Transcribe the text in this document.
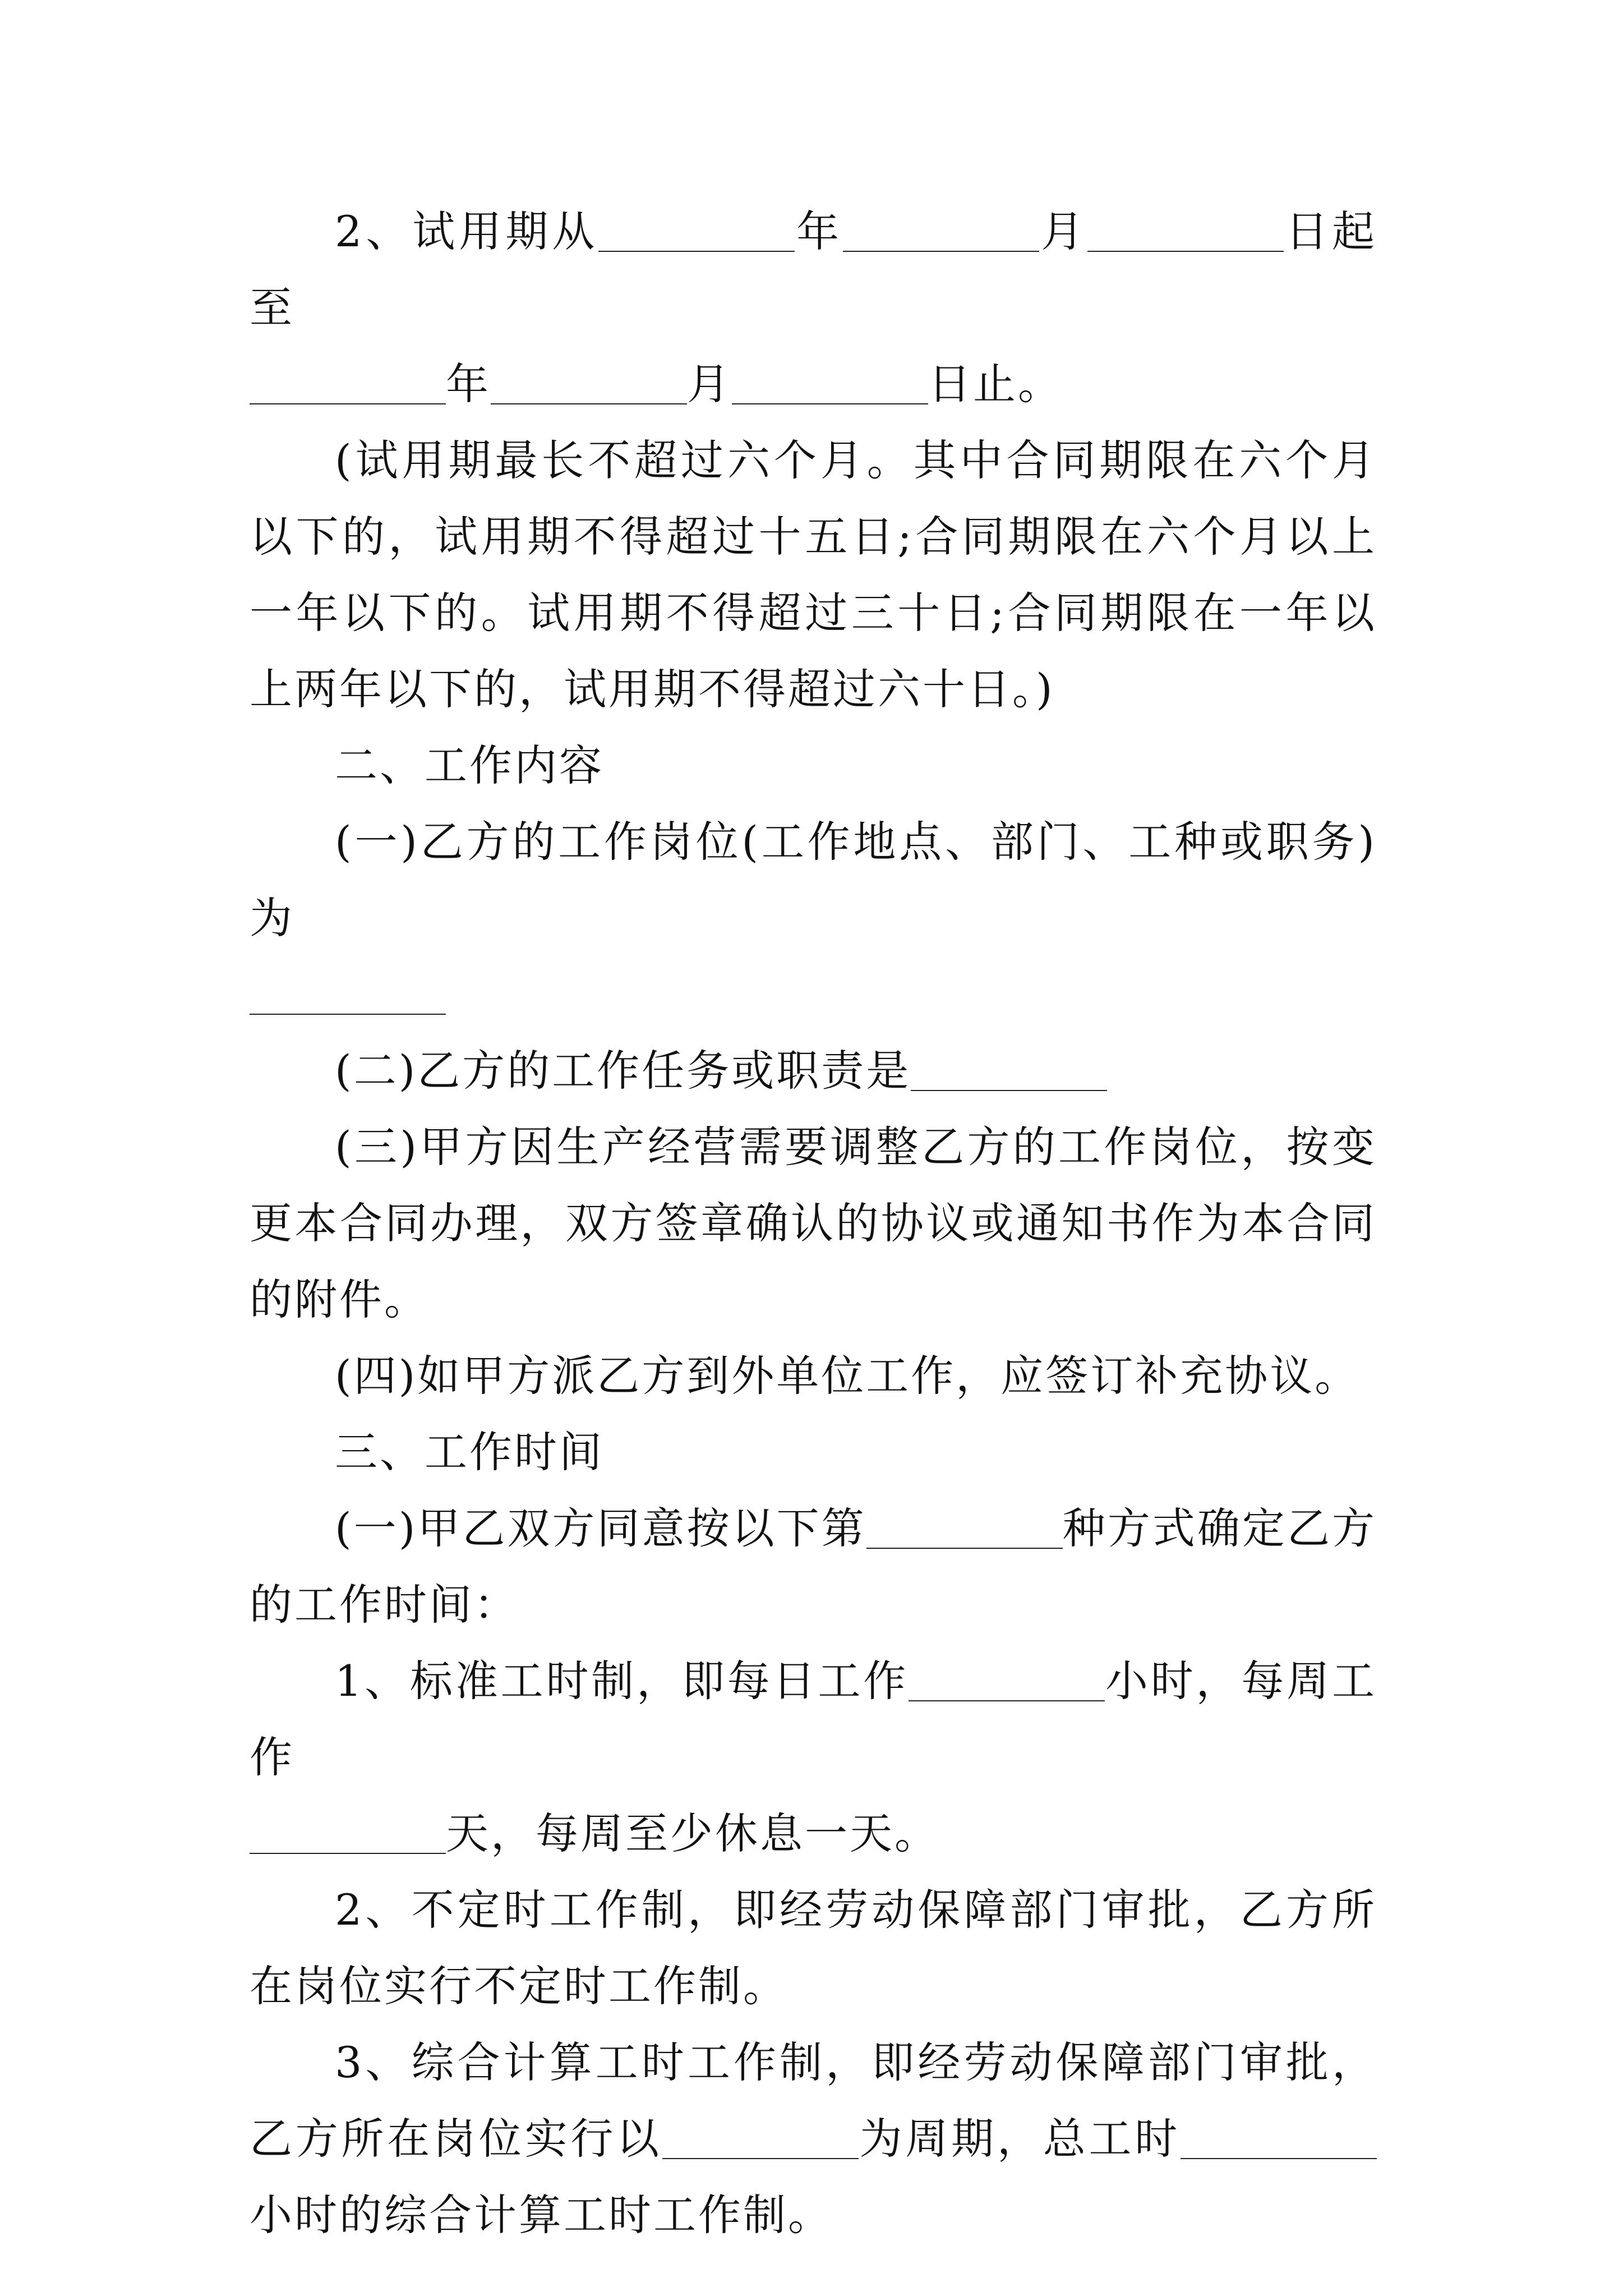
2、试用期从	年	月	日起至

年	月	日止。

(试用期最长不超过六个月。其中合同期限在六个月以下的，试用期不得超过十五日;合同期限在六个月以上一年以下的。试用期不得超过三十日;合同期限在一年以上两年以下的，试用期不得超过六十日。)

二、工作内容

(一)乙方的工作岗位(工作地点、部门、工种或职务)为

(二)乙方的工作任务或职责是

(三)甲方因生产经营需要调整乙方的工作岗位，按变更本合同办理，双方签章确认的协议或通知书作为本合同的附件。

(四)如甲方派乙方到外单位工作，应签订补充协议。

三、工作时间

(一)甲乙双方同意按以下第	种方式确定乙方的工作时间：

1、标准工时制，即每日工作	小时，每周工作

天，每周至少休息一天。

2、不定时工作制，即经劳动保障部门审批，乙方所在岗位实行不定时工作制。

3、综合计算工时工作制，即经劳动保障部门审批，乙方所在岗位实行以	为周期，总工时小时的综合计算工时工作制。
